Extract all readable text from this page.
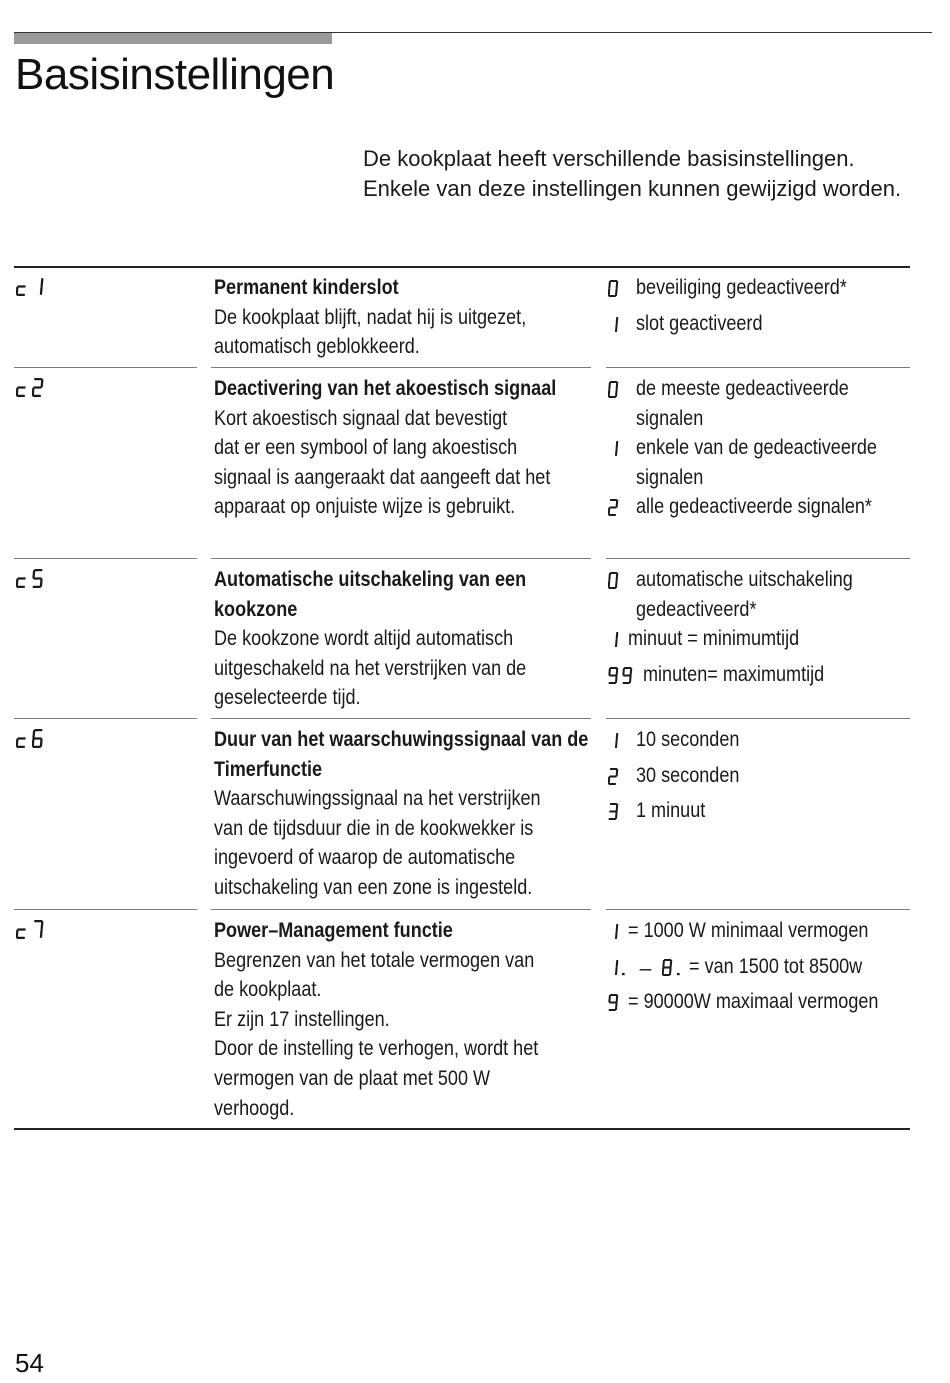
Basisinstellingen
De kookplaat heeft verschillende basisinstellingen. Enkele van deze instellingen kunnen gewijzigd worden.
Permanent kinderslot
De kookplaat blijft, nadat hij is uitgezet,
automatisch geblokkeerd.
beveiliging gedeactiveerd*
slot geactiveerd
Deactivering van het akoestisch signaal
Kort akoestisch signaal dat bevestigt
dat er een symbool of lang akoestisch
signaal is aangeraakt dat aangeeft dat het
apparaat op onjuiste wijze is gebruikt.
de meeste gedeactiveerde signalen
enkele van de gedeactiveerde signalen
alle gedeactiveerde signalen*
Automatische uitschakeling van een kookzone
De kookzone wordt altijd automatisch
uitgeschakeld na het verstrijken van de
geselecteerde tijd.
automatische uitschakeling gedeactiveerd*
minuut = minimumtijd
minuten= maximumtijd
Duur van het waarschuwingssignaal van de Timerfunctie
Waarschuwingssignaal na het verstrijken
van de tijdsduur die in de kookwekker is
ingevoerd of waarop de automatische
uitschakeling van een zone is ingesteld.
10 seconden
30 seconden
1 minuut
Power–Management functie
Begrenzen van het totale vermogen van
de kookplaat.
Er zijn 17 instellingen.
Door de instelling te verhogen, wordt het
vermogen van de plaat met 500 W
verhoogd.
= 1000 W minimaal vermogen
–	= van 1500 tot 8500w
= 90000W maximaal vermogen
54
